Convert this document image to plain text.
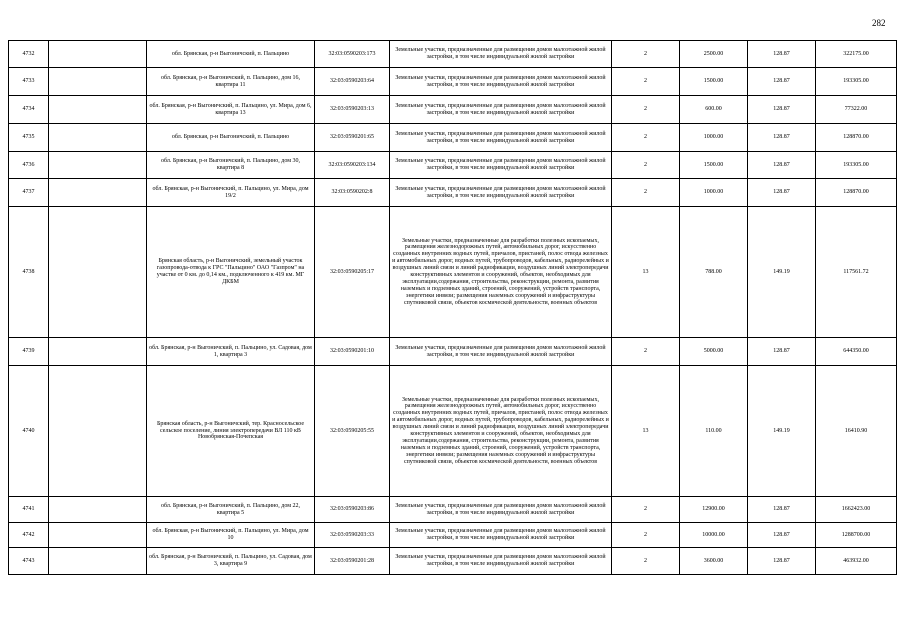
282
4732		обл. Брянская, р-н Выгоничский, п. Пальцино	32:03:0590203:173	Земельные участки, предназначенные для размещения домов малоэтажной жилой застройки, в том числе индивидуальной жилой застройки	2	2500.00	128.87	322175.00
4733		обл. Брянская, р-н Выгоничский, п. Пальцино, дом 16, квартира 11	32:03:0590203:64	Земельные участки, предназначенные для размещения домов малоэтажной жилой застройки, в том числе индивидуальной жилой застройки	2	1500.00	128.87	193305.00
4734		обл. Брянская, р-н Выгоничский, п. Пальцино, ул. Мира, дом 6, квартира 13	32:03:0590203:13	Земельные участки, предназначенные для размещения домов малоэтажной жилой застройки, в том числе индивидуальной жилой застройки	2	600.00	128.87	77322.00
4735		обл. Брянская, р-н Выгоничский, п. Пальцино	32:03:0590201:65	Земельные участки, предназначенные для размещения домов малоэтажной жилой застройки, в том числе индивидуальной жилой застройки	2	1000.00	128.87	128870.00
4736		обл. Брянская, р-н Выгоничский, п. Пальцино, дом 30, квартира 8	32:03:0590203:134	Земельные участки, предназначенные для размещения домов малоэтажной жилой застройки, в том числе индивидуальной жилой застройки	2	1500.00	128.87	193305.00
4737		обл. Брянская, р-н Выгоничский, п. Пальцино, ул. Мира, дом 19/2	32:03:0590202:8	Земельные участки, предназначенные для размещения домов малоэтажной жилой застройки, в том числе индивидуальной жилой застройки	2	1000.00	128.87	128870.00
4738		Брянская область, р-н Выгоничский, земельный участок газопровода-отвода к ГРС "Пальцино" ОАО "Газпром" на участке от 0 км. до 0,14 км., подключенного к 419 км. МГ ДКБМ	32:03:0590205:17	Земельные участки, предназначенные для разработки полезных ископаемых, размещения железнодорожных путей, автомобильных дорог, искусственно созданных внутренних водных путей, причалов, пристаней, полос отвода железных и автомобильных дорог, водных путей, трубопроводов, кабельных, радиорелейных и воздушных линий связи и линий радиофикации, воздушных линий электропередачи конструктивных элементов и сооружений, объектов, необходимых для эксплуатации,содержания, строительства, реконструкции, ремонта, развития наземных и подземных зданий, строений, сооружений, устройств транспорта, энергетики инвязи; размещения наземных сооружений и инфраструктуры спутниковой связи, объектов космической деятельности, военных объектов	13	788.00	149.19	117561.72
4739		обл. Брянская, р-н Выгоничский, п. Пальцино, ул. Садовая, дом 1, квартира 3	32:03:0590201:10	Земельные участки, предназначенные для размещения домов малоэтажной жилой застройки, в том числе индивидуальной жилой застройки	2	5000.00	128.87	644350.00
4740		Брянская область, р-н Выгоничский, тер. Красносельское сельское поселение, линия электропередачи ВЛ 110 кВ Новобрянская-Почепская	32:03:0590205:55	Земельные участки, предназначенные для разработки полезных ископаемых, размещения железнодорожных путей, автомобильных дорог, искусственно созданных внутренних водных путей, причалов, пристаней, полос отвода железных и автомобильных дорог, водных путей, трубопроводов, кабельных, радиорелейных и воздушных линий связи и линий радиофикации, воздушных линий электропередачи конструктивных элементов и сооружений, объектов, необходимых для эксплуатации,содержания, строительства, реконструкции, ремонта, развития наземных и подземных зданий, строений, сооружений, устройств транспорта, энергетики инвязи; размещения наземных сооружений и инфраструктуры спутниковой связи, объектов космической деятельности, военных объектов	13	110.00	149.19	16410.90
4741		обл. Брянская, р-н Выгоничский, п. Пальцино, дом 22, квартира 5	32:03:0590203:86	Земельные участки, предназначенные для размещения домов малоэтажной жилой застройки, в том числе индивидуальной жилой застройки	2	12900.00	128.87	1662423.00
4742		обл. Брянская, р-н Выгоничский, п. Пальцино, ул. Мира, дом 10	32:03:0590203:33	Земельные участки, предназначенные для размещения домов малоэтажной жилой застройки, в том числе индивидуальной жилой застройки	2	10000.00	128.87	1288700.00
4743		обл. Брянская, р-н Выгоничский, п. Пальцино, ул. Садовая, дом 3, квартира 9	32:03:0590201:28	Земельные участки, предназначенные для размещения домов малоэтажной жилой застройки, в том числе индивидуальной жилой застройки	2	3600.00	128.87	463932.00
